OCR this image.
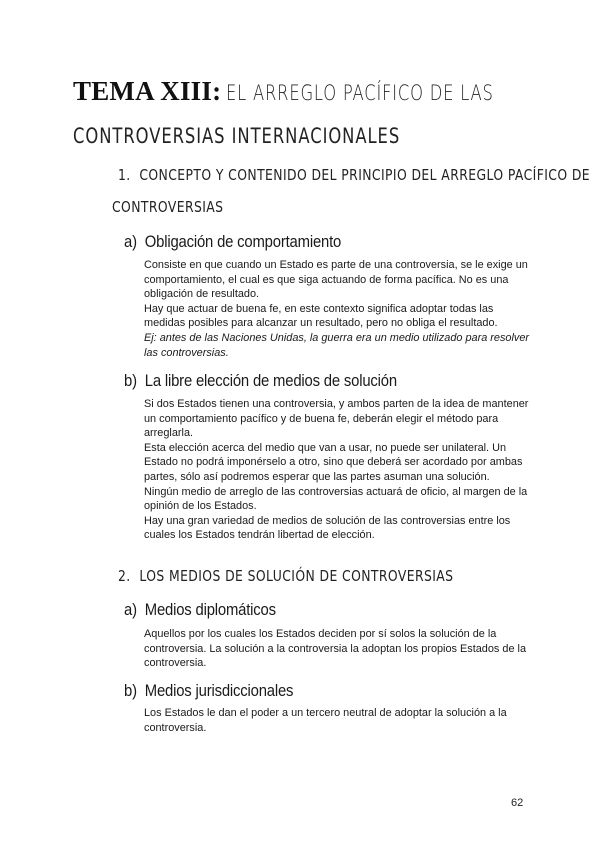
TEMA XIII: EL ARREGLO PACÍFICO DE LAS
CONTROVERSIAS INTERNACIONALES
1. CONCEPTO Y CONTENIDO DEL PRINCIPIO DEL ARREGLO PACÍFICO DE
CONTROVERSIAS
a) Obligación de comportamiento

Consiste en que cuando un Estado es parte de una controversia, se le exige un comportamiento, el cual es que siga actuando de forma pacífica. No es una obligación de resultado.

Hay que actuar de buena fe, en este contexto significa adoptar todas las medidas posibles para alcanzar un resultado, pero no obliga el resultado.

Ej: antes de las Naciones Unidas, la guerra era un medio utilizado para resolver las controversias.

b) La libre elección de medios de solución

Si dos Estados tienen una controversia, y ambos parten de la idea de mantener un comportamiento pacífico y de buena fe, deberán elegir el método para arreglarla.

Esta elección acerca del medio que van a usar, no puede ser unilateral. Un Estado no podrá imponérselo a otro, sino que deberá ser acordado por ambas partes, sólo así podremos esperar que las partes asuman una solución.

Ningún medio de arreglo de las controversias actuará de oficio, al margen de la opinión de los Estados.

Hay una gran variedad de medios de solución de las controversias entre los cuales los Estados tendrán libertad de elección.

2. LOS MEDIOS DE SOLUCIÓN DE CONTROVERSIAS
a) Medios diplomáticos

Aquellos por los cuales los Estados deciden por sí solos la solución de la controversia. La solución a la controversia la adoptan los propios Estados de la controversia.

b) Medios jurisdiccionales

Los Estados le dan el poder a un tercero neutral de adoptar la solución a la controversia.

62
